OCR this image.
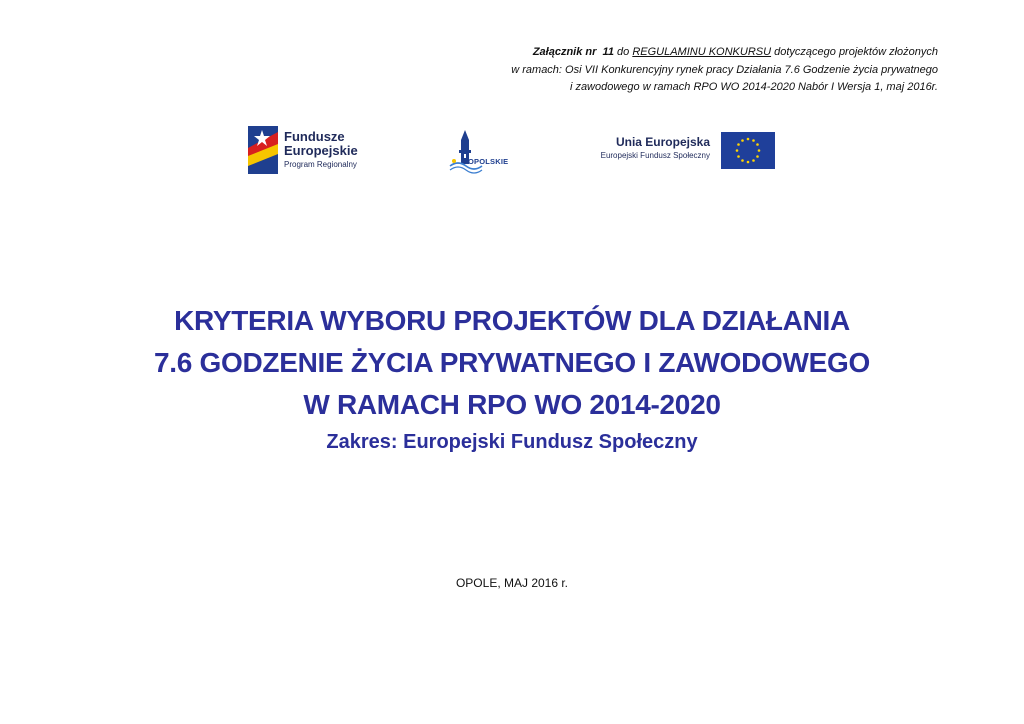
Załącznik nr 11 do REGULAMINU KONKURSU dotyczącego projektów złożonych
w ramach: Osi VII Konkurencyjny rynek pracy Działania 7.6 Godzenie życia prywatnego
i zawodowego w ramach RPO WO 2014-2020 Nabór I Wersja 1, maj 2016r.
Fundusze
Europejskie
Program Regionalny	OPOLSKIE
Unia Europejska
Europejski Fundusz Społeczny
KRYTERIA WYBORU PROJEKTÓW DLA DZIAŁANIA
7.6 GODZENIE ŻYCIA PRYWATNEGO I ZAWODOWEGO
W RAMACH RPO WO 2014-2020
Zakres: Europejski Fundusz Społeczny
OPOLE, MAJ 2016 r.
